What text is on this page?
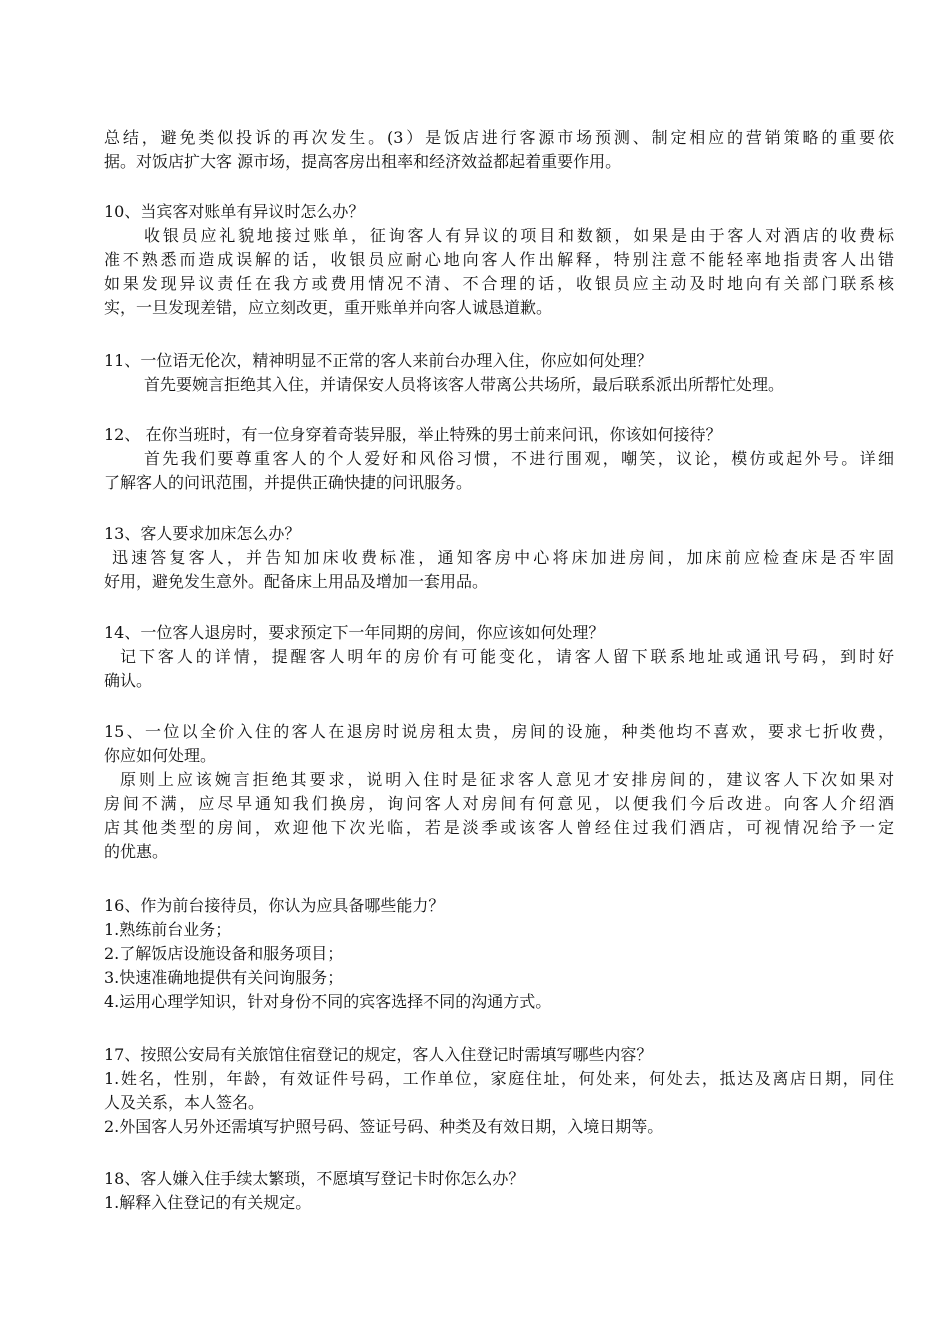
总结，避免类似投诉的再次发生。(3）是饭店进行客源市场预测、制定相应的营销策略的重要依
据。对饭店扩大客 源市场，提高客房出租率和经济效益都起着重要作用。
10、当宾客对账单有异议时怎么办？
收银员应礼貌地接过账单，征询客人有异议的项目和数额，如果是由于客人对酒店的收费标
准不熟悉而造成误解的话，收银员应耐心地向客人作出解释，特别注意不能轻率地指责客人出错
如果发现异议责任在我方或费用情况不清、不合理的话，收银员应主动及时地向有关部门联系核
实，一旦发现差错，应立刻改更，重开账单并向客人诚恳道歉。
11、一位语无伦次，精神明显不正常的客人来前台办理入住，你应如何处理？
首先要婉言拒绝其入住，并请保安人员将该客人带离公共场所，最后联系派出所帮忙处理。
12、 在你当班时，有一位身穿着奇装异服，举止特殊的男士前来问讯，你该如何接待？
首先我们要尊重客人的个人爱好和风俗习惯，不进行围观，嘲笑，议论，模仿或起外号。详细
了解客人的问讯范围，并提供正确快捷的问讯服务。
13、客人要求加床怎么办？
迅速答复客人，并告知加床收费标准，通知客房中心将床加进房间，加床前应检查床是否牢固
好用，避免发生意外。配备床上用品及增加一套用品。
14、一位客人退房时，要求预定下一年同期的房间，你应该如何处理？
记下客人的详情，提醒客人明年的房价有可能变化，请客人留下联系地址或通讯号码，到时好
确认。
15、一位以全价入住的客人在退房时说房租太贵，房间的设施，种类他均不喜欢，要求七折收费，
你应如何处理。
原则上应该婉言拒绝其要求，说明入住时是征求客人意见才安排房间的，建议客人下次如果对
房间不满，应尽早通知我们换房，询问客人对房间有何意见，以便我们今后改进。向客人介绍酒
店其他类型的房间，欢迎他下次光临，若是淡季或该客人曾经住过我们酒店，可视情况给予一定
的优惠。
16、作为前台接待员，你认为应具备哪些能力？
1.熟练前台业务；
2.了解饭店设施设备和服务项目；
3.快速准确地提供有关问询服务；
4.运用心理学知识，针对身份不同的宾客选择不同的沟通方式。
17、按照公安局有关旅馆住宿登记的规定，客人入住登记时需填写哪些内容？
1.姓名，性别，年龄，有效证件号码，工作单位，家庭住址，何处来，何处去，抵达及离店日期，同住
人及关系，本人签名。
2.外国客人另外还需填写护照号码、签证号码、种类及有效日期，入境日期等。
18、客人嫌入住手续太繁琐，不愿填写登记卡时你怎么办？
1.解释入住登记的有关规定。
